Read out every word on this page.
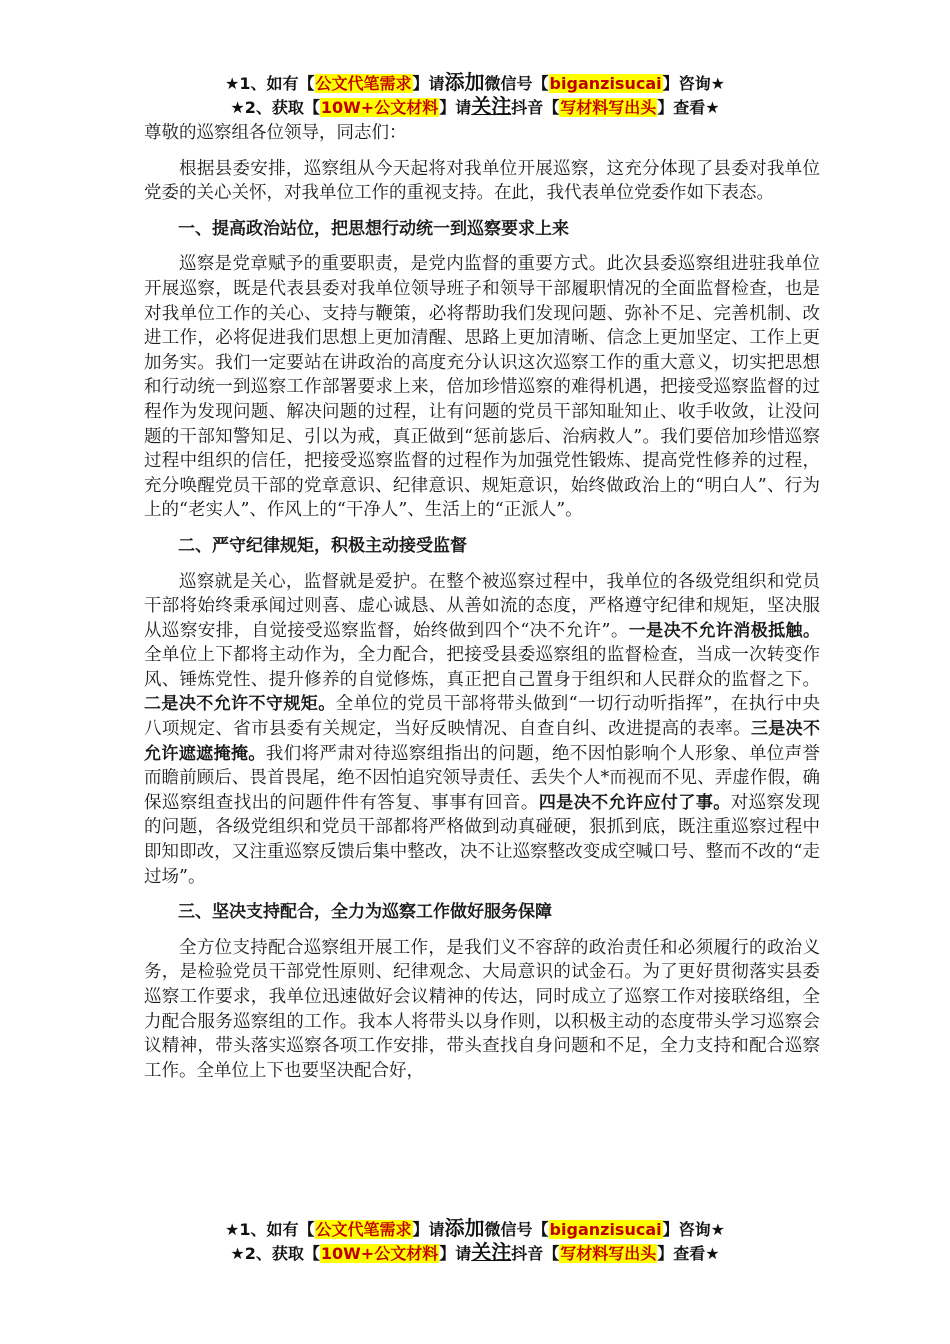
★1、如有【公文代笔需求】请添加微信号【biganzisucai】咨询★
★2、获取【10W+公文材料】请关注抖音【写材料写出头】查看★

尊敬的巡察组各位领导，同志们：

根据县委安排，巡察组从今天起将对我单位开展巡察，这充分体现了县委对我单位党委的关心关怀，对我单位工作的重视支持。在此，我代表单位党委作如下表态。

一、提高政治站位，把思想行动统一到巡察要求上来

巡察是党章赋予的重要职责，是党内监督的重要方式。此次县委巡察组进驻我单位开展巡察，既是代表县委对我单位领导班子和领导干部履职情况的全面监督检查，也是对我单位工作的关心、支持与鞭策，必将帮助我们发现问题、弥补不足、完善机制、改进工作，必将促进我们思想上更加清醒、思路上更加清晰、信念上更加坚定、工作上更加务实。我们一定要站在讲政治的高度充分认识这次巡察工作的重大意义，切实把思想和行动统一到巡察工作部署要求上来，倍加珍惜巡察的难得机遇，把接受巡察监督的过程作为发现问题、解决问题的过程，让有问题的党员干部知耻知止、收手收敛，让没问题的干部知警知足、引以为戒，真正做到“惩前毖后、治病救人”。我们要倍加珍惜巡察过程中组织的信任，把接受巡察监督的过程作为加强党性锻炼、提高党性修养的过程，充分唤醒党员干部的党章意识、纪律意识、规矩意识，始终做政治上的“明白人”、行为上的“老实人”、作风上的“干净人”、生活上的“正派人”。

二、严守纪律规矩，积极主动接受监督

巡察就是关心，监督就是爱护。在整个被巡察过程中，我单位的各级党组织和党员干部将始终秉承闻过则喜、虚心诚恳、从善如流的态度，严格遵守纪律和规矩，坚决服从巡察安排，自觉接受巡察监督，始终做到四个“决不允许”。一是决不允许消极抵触。全单位上下都将主动作为，全力配合，把接受县委巡察组的监督检查，当成一次转变作风、锤炼党性、提升修养的自觉修炼，真正把自己置身于组织和人民群众的监督之下。二是决不允许不守规矩。全单位的党员干部将带头做到“一切行动听指挥”，在执行中央八项规定、省市县委有关规定，当好反映情况、自查自纠、改进提高的表率。三是决不允许遮遮掩掩。我们将严肃对待巡察组指出的问题，绝不因怕影响个人形象、单位声誉而瞻前顾后、畏首畏尾，绝不因怕追究领导责任、丢失个人*而视而不见、弄虚作假，确保巡察组查找出的问题件件有答复、事事有回音。四是决不允许应付了事。对巡察发现的问题，各级党组织和党员干部都将严格做到动真碰硬，狠抓到底，既注重巡察过程中即知即改，又注重巡察反馈后集中整改，决不让巡察整改变成空喊口号、整而不改的“走过场”。

三、坚决支持配合，全力为巡察工作做好服务保障

全方位支持配合巡察组开展工作，是我们义不容辞的政治责任和必须履行的政治义务，是检验党员干部党性原则、纪律观念、大局意识的试金石。为了更好贯彻落实县委巡察工作要求，我单位迅速做好会议精神的传达，同时成立了巡察工作对接联络组，全力配合服务巡察组的工作。我本人将带头以身作则，以积极主动的态度带头学习巡察会议精神，带头落实巡察各项工作安排，带头查找自身问题和不足，全力支持和配合巡察工作。全单位上下也要坚决配合好，

★1、如有【公文代笔需求】请添加微信号【biganzisucai】咨询★
★2、获取【10W+公文材料】请关注抖音【写材料写出头】查看★
